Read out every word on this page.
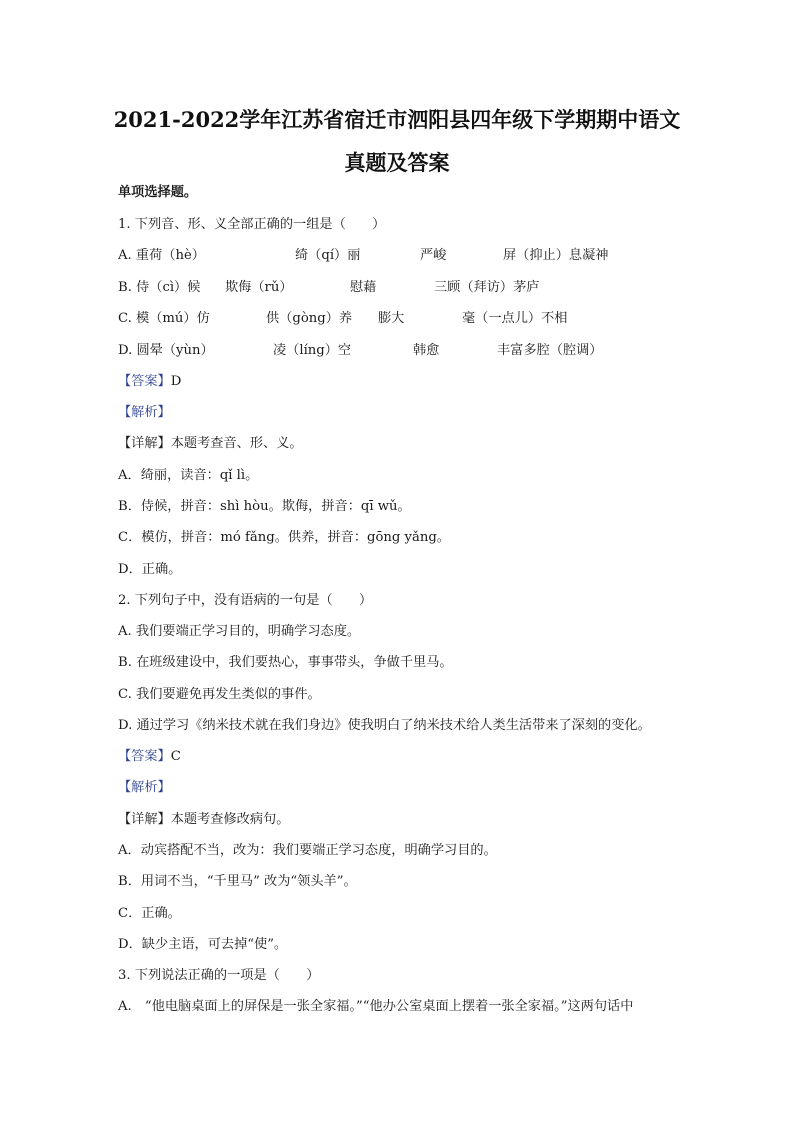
2021-2022学年江苏省宿迁市泗阳县四年级下学期期中语文
真题及答案
单项选择题。
1. 下列音、形、义全部正确的一组是（　　）
A. 重荷（hè）	绮（qí）丽	严峻	屏（抑止）息凝神
B. 侍（cì）候 欺侮（rǔ）	慰藉	三顾（拜访）茅庐
C. 模（mú）仿	供（gòng）养 膨大	毫（一点儿）不相
D. 圆晕（yùn）	凌（líng）空	韩愈	丰富多腔（腔调）
【答案】D
【解析】
【详解】本题考查音、形、义。
A．绮丽，读音：qǐ lì。
B．侍候，拼音：shì hòu。欺侮，拼音：qī wǔ。
C．模仿，拼音：mó fǎng。供养，拼音：gōng yǎng。
D．正确。
2. 下列句子中，没有语病的一句是（　　）
A. 我们要端正学习目的，明确学习态度。
B. 在班级建设中，我们要热心，事事带头，争做千里马。
C. 我们要避免再发生类似的事件。
D. 通过学习《纳米技术就在我们身边》使我明白了纳米技术给人类生活带来了深刻的变化。
【答案】C
【解析】
【详解】本题考查修改病句。
A．动宾搭配不当，改为：我们要端正学习态度，明确学习目的。
B．用词不当，“千里马” 改为“领头羊”。
C．正确。
D．缺少主语，可去掉“使”。
3. 下列说法正确的一项是（　　）
A.　“他电脑桌面上的屏保是一张全家福。”“他办公室桌面上摆着一张全家福。”这两句话中
